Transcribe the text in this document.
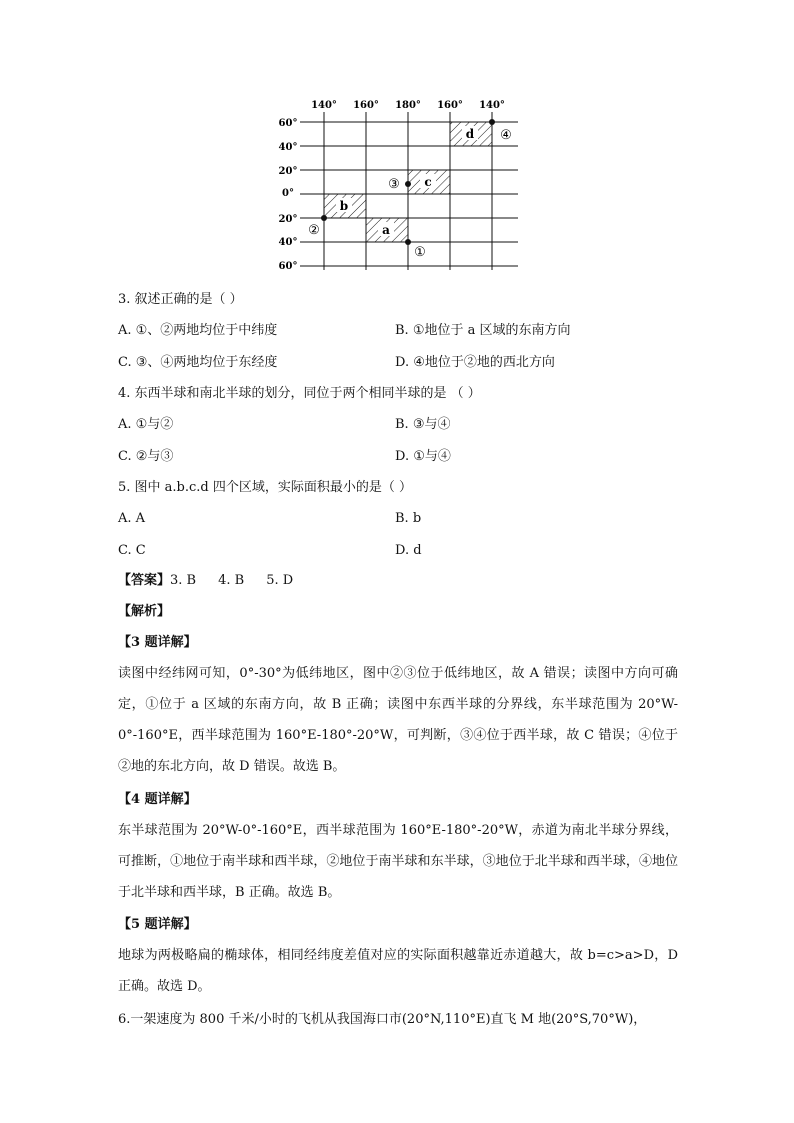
140° 160° 180° 160° 140°
60°
40°
20°
0°
20°
40°
60°
d
c
b
a
①
②
③
④
3. 叙述正确的是（ ）
A. ①、②两地均位于中纬度	B. ①地位于 a 区域的东南方向
C. ③、④两地均位于东经度	D. ④地位于②地的西北方向
4. 东西半球和南北半球的划分，同位于两个相同半球的是 （ ）
A. ①与②	B. ③与④
C. ②与③	D. ①与④
5. 图中 a.b.c.d 四个区域，实际面积最小的是（ ）
A. A	B. b
C. C	D. d
【答案】3. B 4. B 5. D
【解析】
【3 题详解】
读图中经纬网可知，0°-30°为低纬地区，图中②③位于低纬地区，故 A 错误；读图中方向可确定，①位于 a 区域的东南方向，故 B 正确；读图中东西半球的分界线，东半球范围为 20°W-0°-160°E，西半球范围为 160°E-180°-20°W，可判断，③④位于西半球，故 C 错误；④位于②地的东北方向，故 D 错误。故选 B。
【4 题详解】
东半球范围为 20°W-0°-160°E，西半球范围为 160°E-180°-20°W，赤道为南北半球分界线，可推断，①地位于南半球和西半球，②地位于南半球和东半球，③地位于北半球和西半球，④地位于北半球和西半球，B 正确。故选 B。
【5 题详解】
地球为两极略扁的椭球体，相同经纬度差值对应的实际面积越靠近赤道越大，故 b=c>a>D，D 正确。故选 D。
6.一架速度为 800 千米/小时的飞机从我国海口市(20°N,110°E)直飞 M 地(20°S,70°W)，
